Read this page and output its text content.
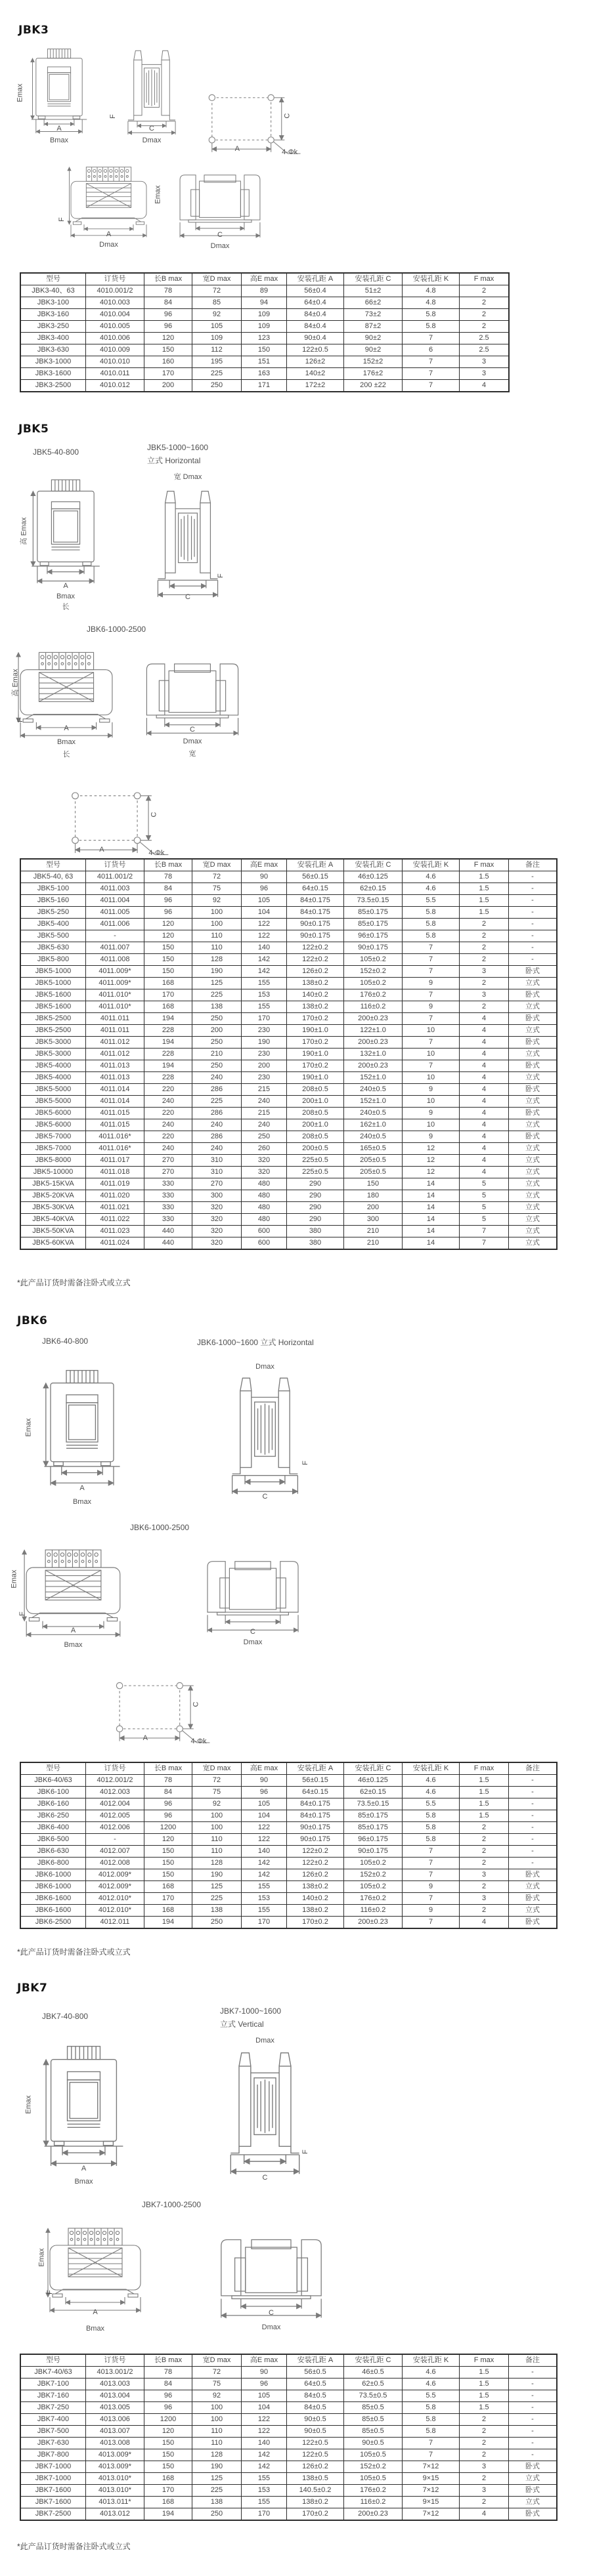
JBK3
Emax
A
Bmax
F
C
Dmax
C
A	4-Φk
Emax
F
A
Dmax
C
Dmax
型号	订货号	长B max	宽D max	高E max	安装孔距 A	安装孔距 C	安装孔距 K	F max
JBK3-40、63	4010.001/2	78	72	89	56±0.4	51±2	4.8	2
JBK3-100	4010.003	84	85	94	64±0.4	66±2	4.8	2
JBK3-160	4010.004	96	92	109	84±0.4	73±2	5.8	2
JBK3-250	4010.005	96	105	109	84±0.4	87±2	5.8	2
JBK3-400	4010.006	120	109	123	90±0.4	90±2	7	2.5
JBK3-630	4010.009	150	112	150	122±0.5	90±2	6	2.5
JBK3-1000	4010.010	160	195	151	126±2	152±2	7	3
JBK3-1600	4010.011	170	225	163	140±2	176±2	7	3
JBK3-2500	4010.012	200	250	171	172±2	200 ±22	7	4
JBK5
JBK5-40-800	JBK5-1000~1600
立式 Horizontal
高 Emax
A
Bmax
长
宽 Dmax
F
C
JBK6-1000-2500
高 Emax
F
A
Bmax
长
C
Dmax
宽
C
A	4-Φk
型号	订货号	长B max	宽D max	高E max	安装孔距 A	安装孔距 C	安装孔距 K	F max	备注
JBK5-40, 63	4011.001/2	78	72	90	56±0.15	46±0.125	4.6	1.5	-
JBK5-100	4011.003	84	75	96	64±0.15	62±0.15	4.6	1.5	-
JBK5-160	4011.004	96	92	105	84±0.175	73.5±0.15	5.5	1.5	-
JBK5-250	4011.005	96	100	104	84±0.175	85±0.175	5.8	1.5	-
JBK5-400	4011.006	120	100	122	90±0.175	85±0.175	5.8	2	-
JBK5-500	-	120	110	122	90±0.175	96±0.175	5.8	2	-
JBK5-630	4011.007	150	110	140	122±0.2	90±0.175	7	2	-
JBK5-800	4011.008	150	128	142	122±0.2	105±0.2	7	2	-
JBK5-1000	4011.009*	150	190	142	126±0.2	152±0.2	7	3	卧式
JBK5-1000	4011.009*	168	125	155	138±0.2	105±0.2	9	2	立式
JBK5-1600	4011.010*	170	225	153	140±0.2	176±0.2	7	3	卧式
JBK5-1600	4011.010*	168	138	155	138±0.2	116±0.2	9	2	立式
JBK5-2500	4011.011	194	250	170	170±0.2	200±0.23	7	4	卧式
JBK5-2500	4011.011	228	200	230	190±1.0	122±1.0	10	4	立式
JBK5-3000	4011.012	194	250	190	170±0.2	200±0.23	7	4	卧式
JBK5-3000	4011.012	228	210	230	190±1.0	132±1.0	10	4	立式
JBK5-4000	4011.013	194	250	200	170±0.2	200±0.23	7	4	卧式
JBK5-4000	4011.013	228	240	230	190±1.0	152±1.0	10	4	立式
JBK5-5000	4011.014	220	286	215	208±0.5	240±0.5	9	4	卧式
JBK5-5000	4011.014	240	225	240	200±1.0	152±1.0	10	4	立式
JBK5-6000	4011.015	220	286	215	208±0.5	240±0.5	9	4	卧式
JBK5-6000	4011.015	240	240	240	200±1.0	162±1.0	10	4	立式
JBK5-7000	4011.016*	220	286	250	208±0.5	240±0.5	9	4	卧式
JBK5-7000	4011.016*	240	240	260	200±0.5	165±0.5	12	4	立式
JBK5-8000	4011.017	270	310	320	225±0.5	205±0.5	12	4	立式
JBK5-10000	4011.018	270	310	320	225±0.5	205±0.5	12	4	立式
JBK5-15KVA	4011.019	330	270	480	290	150	14	5	立式
JBK5-20KVA	4011.020	330	300	480	290	180	14	5	立式
JBK5-30KVA	4011.021	330	320	480	290	200	14	5	立式
JBK5-40KVA	4011.022	330	320	480	290	300	14	5	立式
JBK5-50KVA	4011.023	440	320	600	380	210	14	7	立式
JBK5-60KVA	4011.024	440	320	600	380	210	14	7	立式
*此产品订货时需备注卧式或立式
JBK6
JBK6-40-800	JBK6-1000~1600 立式 Horizontal
Emax
A
Bmax
Dmax
F
C
JBK6-1000-2500
Emax
F
A
Bmax
C
Dmax
C
A	4-Φk
型号	订货号	长B max	宽D max	高E max	安装孔距 A	安装孔距 C	安装孔距 K	F max	备注
JBK6-40/63	4012.001/2	78	72	90	56±0.15	46±0.125	4.6	1.5	-
JBK6-100	4012.003	84	75	96	64±0.15	62±0.15	4.6	1.5	-
JBK6-160	4012.004	96	92	105	84±0.175	73.5±0.15	5.5	1.5	-
JBK6-250	4012.005	96	100	104	84±0.175	85±0.175	5.8	1.5	-
JBK6-400	4012.006	1200	100	122	90±0.175	85±0.175	5.8	2	-
JBK6-500	-	120	110	122	90±0.175	96±0.175	5.8	2	-
JBK6-630	4012.007	150	110	140	122±0.2	90±0.175	7	2	-
JBK6-800	4012.008	150	128	142	122±0.2	105±0.2	7	2	-
JBK6-1000	4012.009*	150	190	142	126±0.2	152±0.2	7	3	卧式
JBK6-1000	4012.009*	168	125	155	138±0.2	105±0.2	9	2	立式
JBK6-1600	4012.010*	170	225	153	140±0.2	176±0.2	7	3	卧式
JBK6-1600	4012.010*	168	138	155	138±0.2	116±0.2	9	2	立式
JBK6-2500	4012.011	194	250	170	170±0.2	200±0.23	7	4	卧式
*此产品订货时需备注卧式或立式
JBK7
JBK7-40-800
JBK7-1000~1600
立式 Vertical
Emax
A
Bmax
Dmax
F
C
JBK7-1000-2500
Emax
F
A
Bmax
C
Dmax
型号	订货号	长B max	宽D max	高E max	安装孔距 A	安装孔距 C	安装孔距 K	F max	备注
JBK7-40/63	4013.001/2	78	72	90	56±0.5	46±0.5	4.6	1.5	-
JBK7-100	4013.003	84	75	96	64±0.5	62±0.5	4.6	1.5	-
JBK7-160	4013.004	96	92	105	84±0.5	73.5±0.5	5.5	1.5	-
JBK7-250	4013.005	96	100	104	84±0.5	85±0.5	5.8	1.5	-
JBK7-400	4013.006	1200	100	122	90±0.5	85±0.5	5.8	2	-
JBK7-500	4013.007	120	110	122	90±0.5	85±0.5	5.8	2	-
JBK7-630	4013.008	150	110	140	122±0.5	90±0.5	7	2	-
JBK7-800	4013.009*	150	128	142	122±0.5	105±0.5	7	2	-
JBK7-1000	4013.009*	150	190	142	126±0.2	152±0.2	7×12	3	卧式
JBK7-1000	4013.010*	168	125	155	138±0.5	105±0.5	9×15	2	立式
JBK7-1600	4013.010*	170	225	153	140.5±0.2	176±0.2	7×12	3	卧式
JBK7-1600	4013.011*	168	138	155	138±0.2	116±0.2	9×15	2	立式
JBK7-2500	4013.012	194	250	170	170±0.2	200±0.23	7×12	4	卧式
*此产品订货时需备注卧式或立式
